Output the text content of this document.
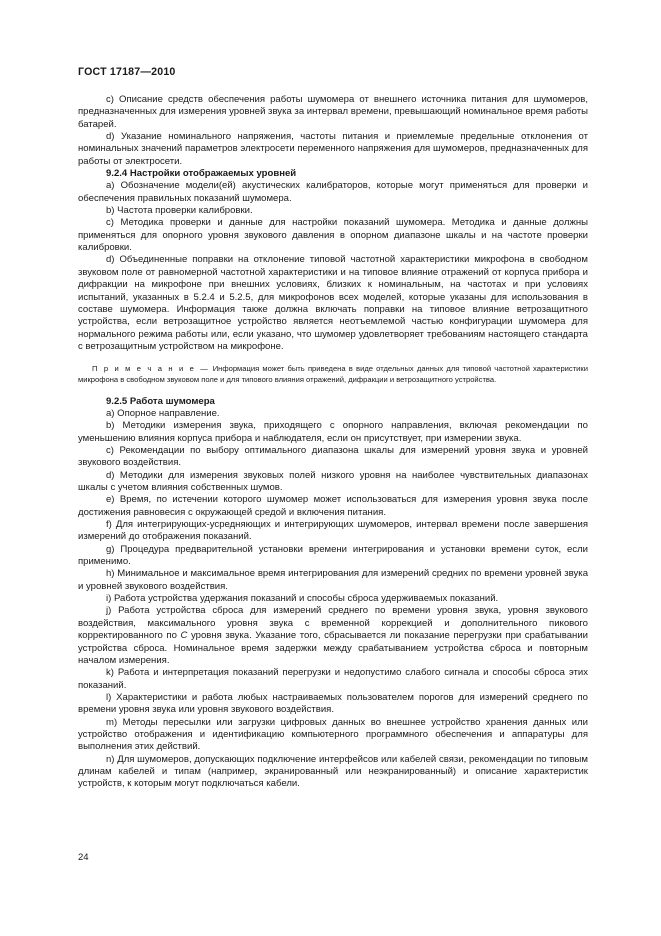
ГОСТ 17187—2010

с) Описание средств обеспечения работы шумомера от внешнего источника питания для шумомеров, предназначенных для измерения уровней звука за интервал времени, превышающий номинальное время работы батарей.

d) Указание номинального напряжения, частоты питания и приемлемые предельные отклонения от номинальных значений параметров электросети переменного напряжения для шумомеров, предназначенных для работы от электросети.

9.2.4 Настройки отображаемых уровней

а) Обозначение модели(ей) акустических калибраторов, которые могут применяться для проверки и обеспечения правильных показаний шумомера.

b) Частота проверки калибровки.

с) Методика проверки и данные для настройки показаний шумомера. Методика и данные должны применяться для опорного уровня звукового давления в опорном диапазоне шкалы и на частоте проверки калибровки.

d) Объединенные поправки на отклонение типовой частотной характеристики микрофона в свободном звуковом поле от равномерной частотной характеристики и на типовое влияние отражений от корпуса прибора и дифракции на микрофоне при внешних условиях, близких к номинальным, на частотах и при условиях испытаний, указанных в 5.2.4 и 5.2.5, для микрофонов всех моделей, которые указаны для использования в составе шумомера. Информация также должна включать поправки на типовое влияние ветрозащитного устройства, если ветрозащитное устройство является неотъемлемой частью конфигурации шумомера для нормального режима работы или, если указано, что шумомер удовлетворяет требованиям настоящего стандарта с ветрозащитным устройством на микрофоне.

П р и м е ч а н и е — Информация может быть приведена в виде отдельных данных для типовой частотной характеристики микрофона в свободном звуковом поле и для типового влияния отражений, дифракции и ветрозащитного устройства.

9.2.5 Работа шумомера

а) Опорное направление.

b) Методики измерения звука, приходящего с опорного направления, включая рекомендации по уменьшению влияния корпуса прибора и наблюдателя, если он присутствует, при измерении звука.

с) Рекомендации по выбору оптимального диапазона шкалы для измерений уровня звука и уровней звукового воздействия.

d) Методики для измерения звуковых полей низкого уровня на наиболее чувствительных диапазонах шкалы с учетом влияния собственных шумов.

е) Время, по истечении которого шумомер может использоваться для измерения уровня звука после достижения равновесия с окружающей средой и включения питания.

f) Для интегрирующих-усредняющих и интегрирующих шумомеров, интервал времени после завершения измерений до отображения показаний.

g) Процедура предварительной установки времени интегрирования и установки времени суток, если применимо.

h) Минимальное и максимальное время интегрирования для измерений средних по времени уровней звука и уровней звукового воздействия.

i) Работа устройства удержания показаний и способы сброса удерживаемых показаний.

j) Работа устройства сброса для измерений среднего по времени уровня звука, уровня звукового воздействия, максимального уровня звука с временной коррекцией и дополнительного пикового корректированного по C уровня звука. Указание того, сбрасывается ли показание перегрузки при срабатывании устройства сброса. Номинальное время задержки между срабатыванием устройства сброса и повторным началом измерения.

k) Работа и интерпретация показаний перегрузки и недопустимо слабого сигнала и способы сброса этих показаний.

l) Характеристики и работа любых настраиваемых пользователем порогов для измерений среднего по времени уровня звука или уровня звукового воздействия.

m) Методы пересылки или загрузки цифровых данных во внешнее устройство хранения данных или устройство отображения и идентификацию компьютерного программного обеспечения и аппаратуры для выполнения этих действий.

n) Для шумомеров, допускающих подключение интерфейсов или кабелей связи, рекомендации по типовым длинам кабелей и типам (например, экранированный или неэкранированный) и описание характеристик устройств, к которым могут подключаться кабели.

24
